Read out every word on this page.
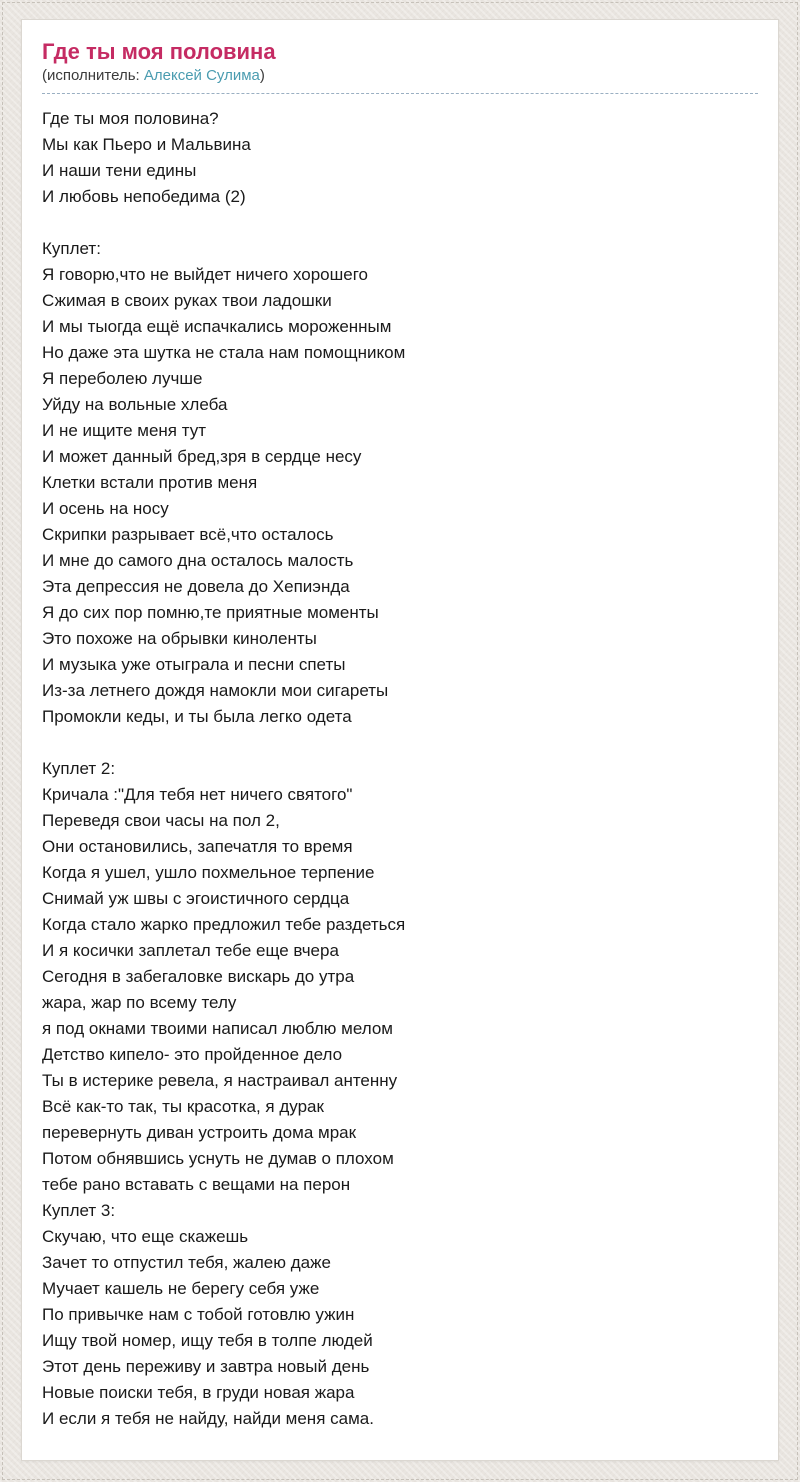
Где ты моя половина
(исполнитель: Алексей Сулима)
Где ты моя половина?
Мы как Пьеро и Мальвина
И наши тени едины
И любовь непобедима (2)

Куплет:
Я говорю,что не выйдет ничего хорошего
Сжимая в своих руках твои ладошки
И мы тыогда ещё испачкались мороженным
Но даже эта шутка не стала нам помощником
Я переболею лучше
Уйду на вольные хлеба
И не ищите меня тут
И может данный бред,зря в сердце несу
Клетки встали против меня
И осень на носу
Скрипки разрывает всё,что осталось
И мне до самого дна осталось малость
Эта депрессия не довела до Хепиэнда
Я до сих пор помню,те приятные моменты
Это похоже на обрывки киноленты
И музыка уже отыграла и песни спеты
Из-за летнего дождя намокли мои сигареты
Промокли кеды, и ты была легко одета

Куплет 2:
Кричала :"Для тебя нет ничего святого"
Переведя свои часы на пол 2,
Они остановились, запечатля то время
Когда я ушел, ушло похмельное терпение
Снимай уж швы с эгоистичного сердца
Когда стало жарко предложил тебе раздеться
И я косички заплетал тебе еще вчера
Сегодня в забегаловке вискарь до утра
жара, жар по всему телу
я под окнами твоими написал люблю мелом
Детство кипело- это пройденное дело
Ты в истерике ревела, я настраивал антенну
Всё как-то так, ты красотка, я дурак
перевернуть диван устроить дома мрак
Потом обнявшись уснуть не думав о плохом
тебе рано вставать с вещами на перон
Куплет 3:
Скучаю, что еще скажешь
Зачет то отпустил тебя, жалею даже
Мучает кашель не берегу себя уже
По привычке нам с тобой готовлю ужин
Ищу твой номер, ищу тебя в толпе людей
Этот день переживу и завтра новый день
Новые поиски тебя, в груди новая жара
И если я тебя не найду, найди меня сама.
